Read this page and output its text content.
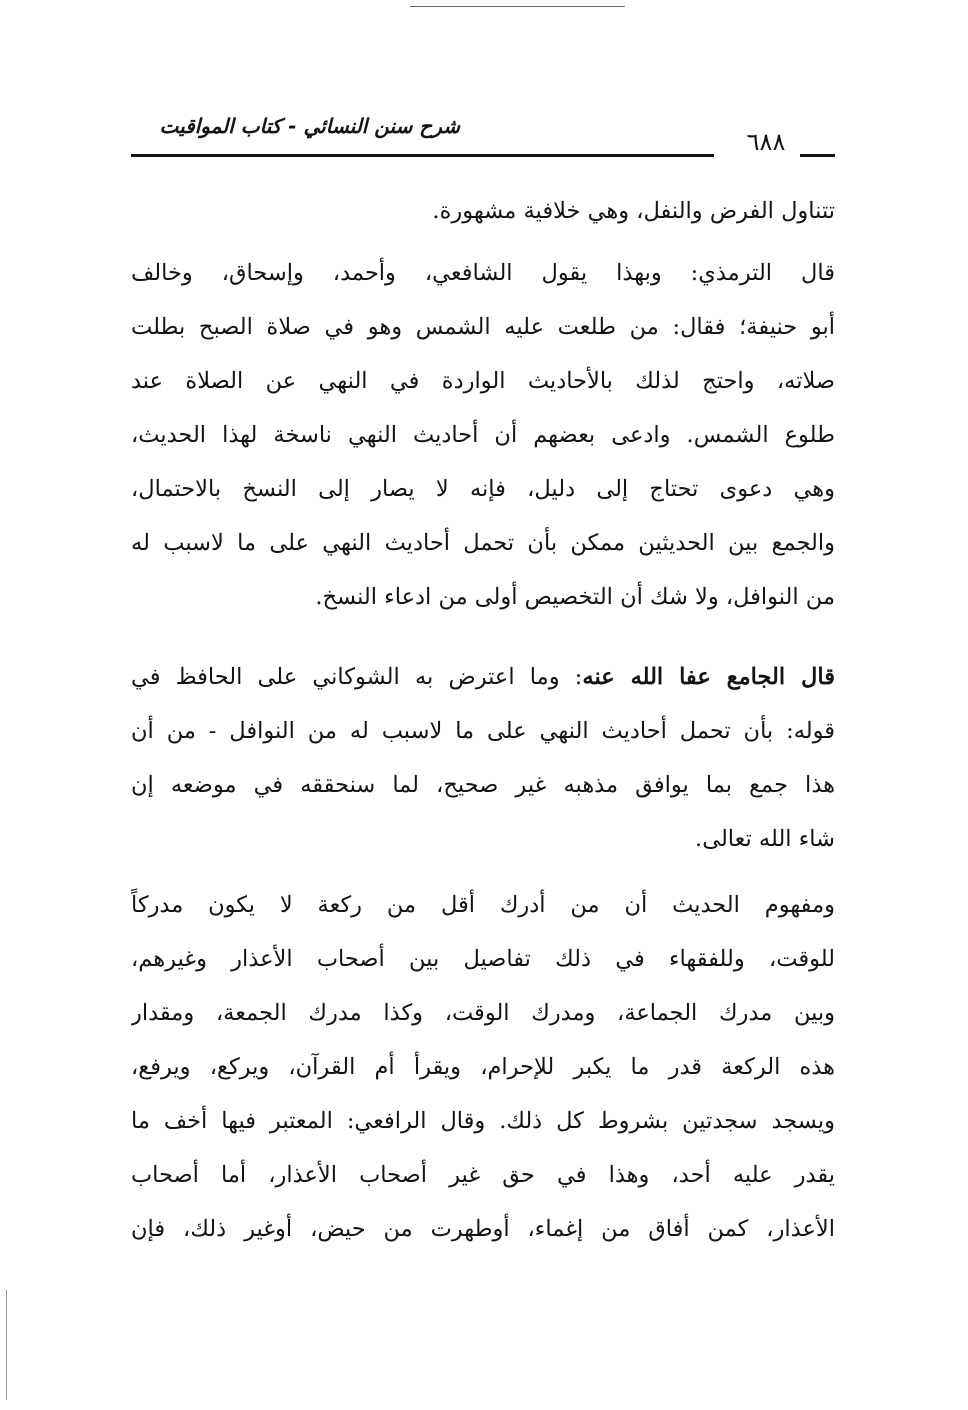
شرح سنن النسائي - كتاب المواقيت
٦٨٨
تتناول الفرض والنفل، وهي خلافية مشهورة.
قال الترمذي: وبهذا يقول الشافعي، وأحمد، وإسحاق، وخالف
أبو حنيفة؛ فقال: من طلعت عليه الشمس وهو في صلاة الصبح بطلت
صلاته، واحتج لذلك بالأحاديث الواردة في النهي عن الصلاة عند
طلوع الشمس. وادعى بعضهم أن أحاديث النهي ناسخة لهذا الحديث،
وهي دعوى تحتاج إلى دليل، فإنه لا يصار إلى النسخ بالاحتمال،
والجمع بين الحديثين ممكن بأن تحمل أحاديث النهي على ما لاسبب له
من النوافل، ولا شك أن التخصيص أولى من ادعاء النسخ.
قال الجامع عفا الله عنه: وما اعترض به الشوكاني على الحافظ في
قوله: بأن تحمل أحاديث النهي على ما لاسبب له من النوافل - من أن
هذا جمع بما يوافق مذهبه غير صحيح، لما سنحققه في موضعه إن
شاء الله تعالى.
ومفهوم الحديث أن من أدرك أقل من ركعة لا يكون مدركاً
للوقت، وللفقهاء في ذلك تفاصيل بين أصحاب الأعذار وغيرهم،
وبين مدرك الجماعة، ومدرك الوقت، وكذا مدرك الجمعة، ومقدار
هذه الركعة قدر ما يكبر للإحرام، ويقرأ أم القرآن، ويركع، ويرفع،
ويسجد سجدتين بشروط كل ذلك. وقال الرافعي: المعتبر فيها أخف ما
يقدر عليه أحد، وهذا في حق غير أصحاب الأعذار، أما أصحاب
الأعذار، كمن أفاق من إغماء، أوطهرت من حيض، أوغير ذلك، فإن
